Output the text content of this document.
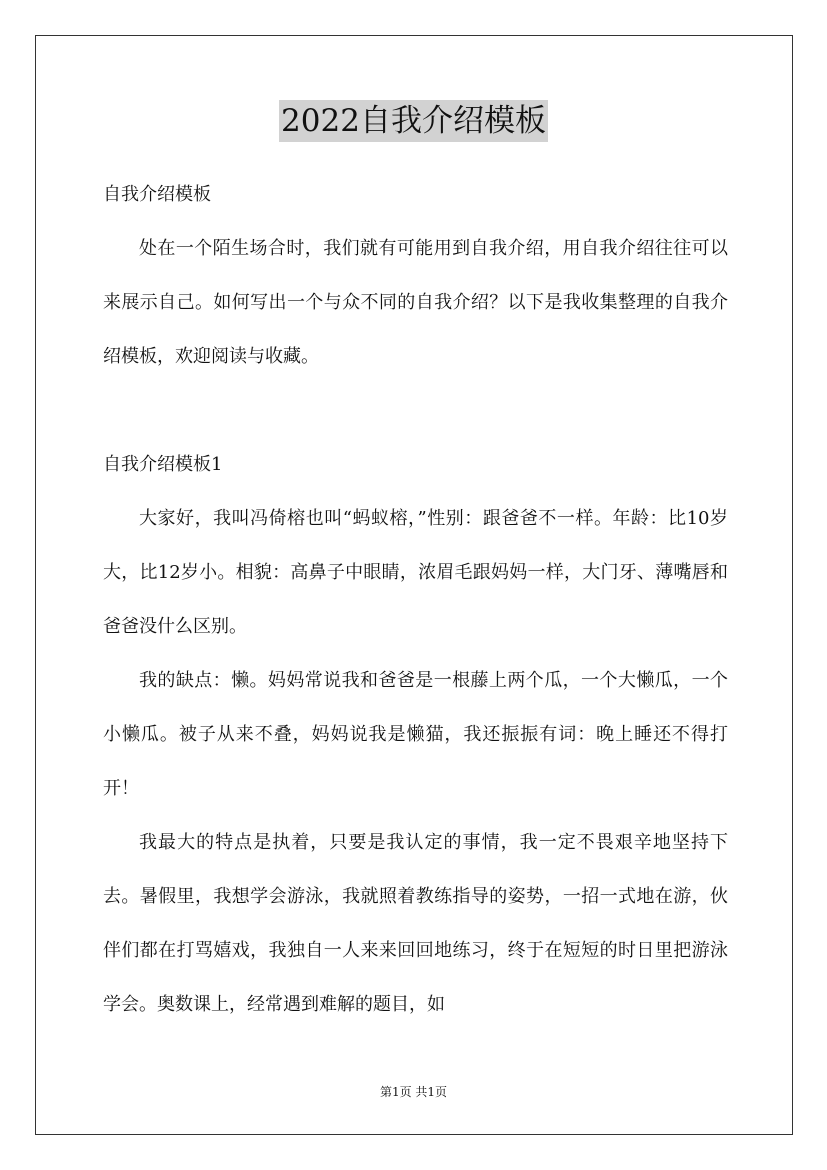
2022自我介绍模板

自我介绍模板

处在一个陌生场合时，我们就有可能用到自我介绍，用自我介绍往往可以来展示自己。如何写出一个与众不同的自我介绍？以下是我收集整理的自我介绍模板，欢迎阅读与收藏。

自我介绍模板1

大家好，我叫冯倚榕也叫“蚂蚁榕，”性别：跟爸爸不一样。年龄：比10岁大，比12岁小。相貌：高鼻子中眼睛，浓眉毛跟妈妈一样，大门牙、薄嘴唇和爸爸没什么区别。

我的缺点：懒。妈妈常说我和爸爸是一根藤上两个瓜，一个大懒瓜，一个小懒瓜。被子从来不叠，妈妈说我是懒猫，我还振振有词：晚上睡还不得打开！

我最大的特点是执着，只要是我认定的事情，我一定不畏艰辛地坚持下去。暑假里，我想学会游泳，我就照着教练指导的姿势，一招一式地在游，伙伴们都在打骂嬉戏，我独自一人来来回回地练习，终于在短短的时日里把游泳学会。奥数课上，经常遇到难解的题目，如

第1页 共1页
